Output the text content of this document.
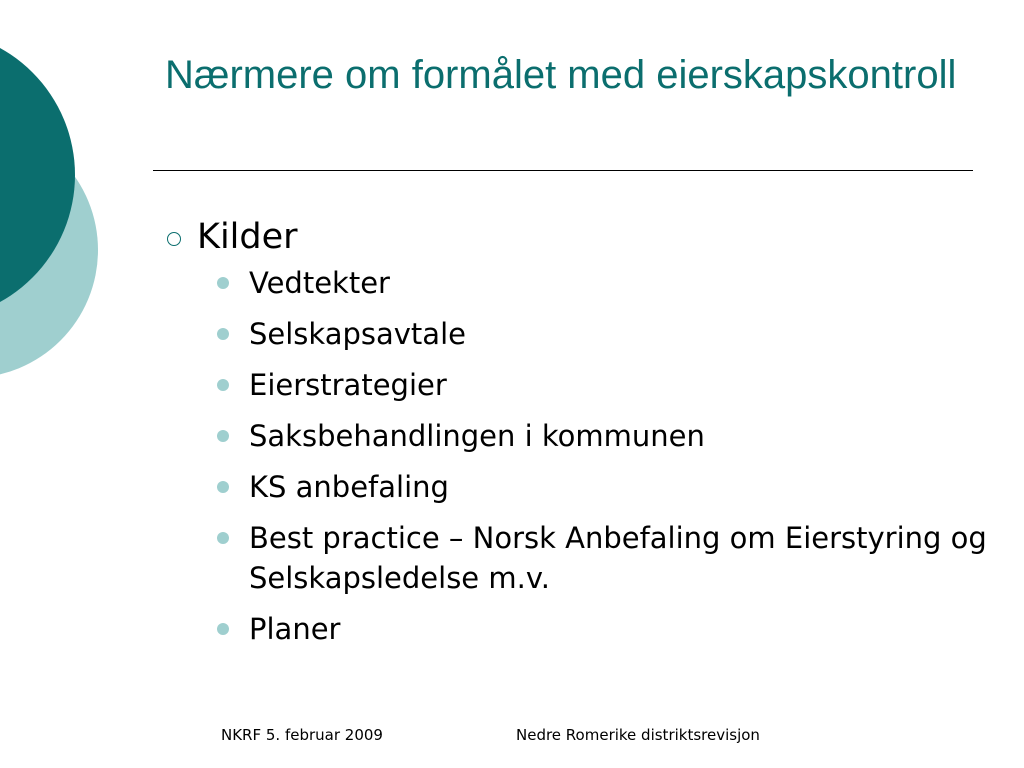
Nærmere om formålet med eierskapskontroll
Kilder
Vedtekter
Selskapsavtale
Eierstrategier
Saksbehandlingen i kommunen
KS anbefaling
Best practice – Norsk Anbefaling om Eierstyring og Selskapsledelse m.v.
Planer
NKRF 5. februar 2009	Nedre Romerike distriktsrevisjon
